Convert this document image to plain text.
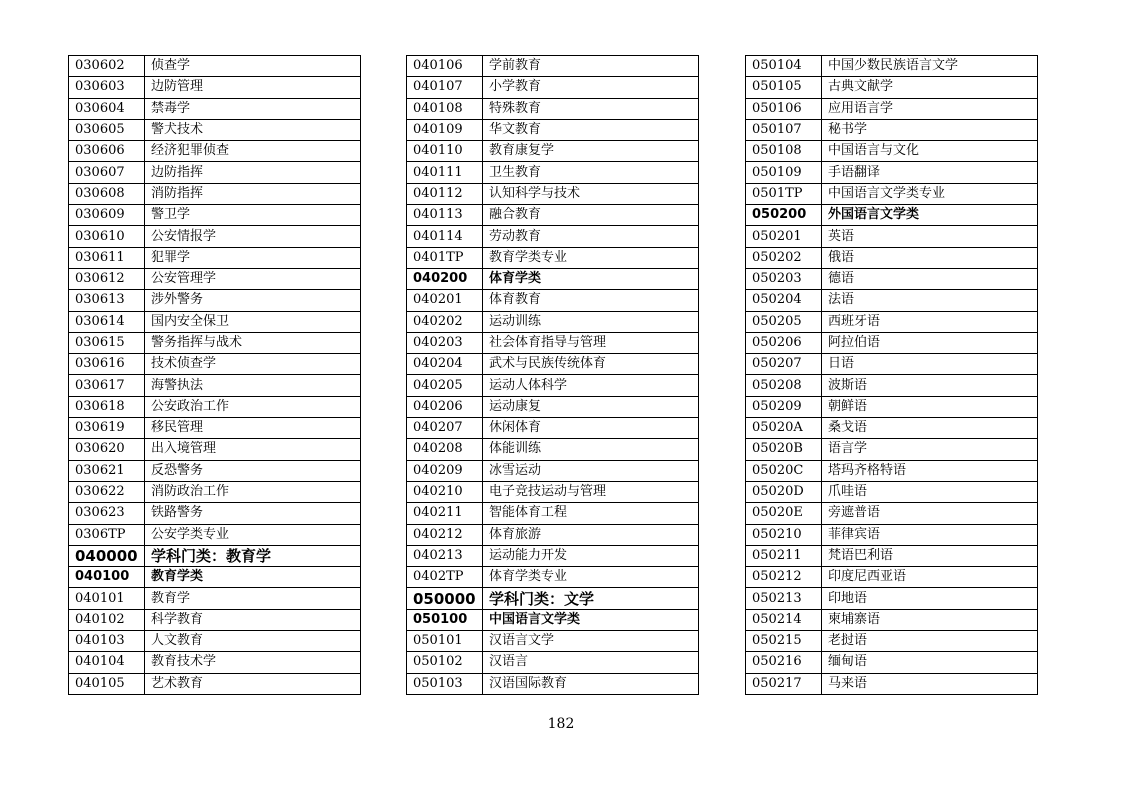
030602	侦查学
030603	边防管理
030604	禁毒学
030605	警犬技术
030606	经济犯罪侦查
030607	边防指挥
030608	消防指挥
030609	警卫学
030610	公安情报学
030611	犯罪学
030612	公安管理学
030613	涉外警务
030614	国内安全保卫
030615	警务指挥与战术
030616	技术侦查学
030617	海警执法
030618	公安政治工作
030619	移民管理
030620	出入境管理
030621	反恐警务
030622	消防政治工作
030623	铁路警务
0306TP	公安学类专业
040000	学科门类：教育学
040100	教育学类
040101	教育学
040102	科学教育
040103	人文教育
040104	教育技术学
040105	艺术教育
040106	学前教育
040107	小学教育
040108	特殊教育
040109	华文教育
040110	教育康复学
040111	卫生教育
040112	认知科学与技术
040113	融合教育
040114	劳动教育
0401TP	教育学类专业
040200	体育学类
040201	体育教育
040202	运动训练
040203	社会体育指导与管理
040204	武术与民族传统体育
040205	运动人体科学
040206	运动康复
040207	休闲体育
040208	体能训练
040209	冰雪运动
040210	电子竞技运动与管理
040211	智能体育工程
040212	体育旅游
040213	运动能力开发
0402TP	体育学类专业
050000	学科门类：文学
050100	中国语言文学类
050101	汉语言文学
050102	汉语言
050103	汉语国际教育
050104	中国少数民族语言文学
050105	古典文献学
050106	应用语言学
050107	秘书学
050108	中国语言与文化
050109	手语翻译
0501TP	中国语言文学类专业
050200	外国语言文学类
050201	英语
050202	俄语
050203	德语
050204	法语
050205	西班牙语
050206	阿拉伯语
050207	日语
050208	波斯语
050209	朝鲜语
05020A	桑戈语
05020B	语言学
05020C	塔玛齐格特语
05020D	爪哇语
05020E	旁遮普语
050210	菲律宾语
050211	梵语巴利语
050212	印度尼西亚语
050213	印地语
050214	柬埔寨语
050215	老挝语
050216	缅甸语
050217	马来语
182
